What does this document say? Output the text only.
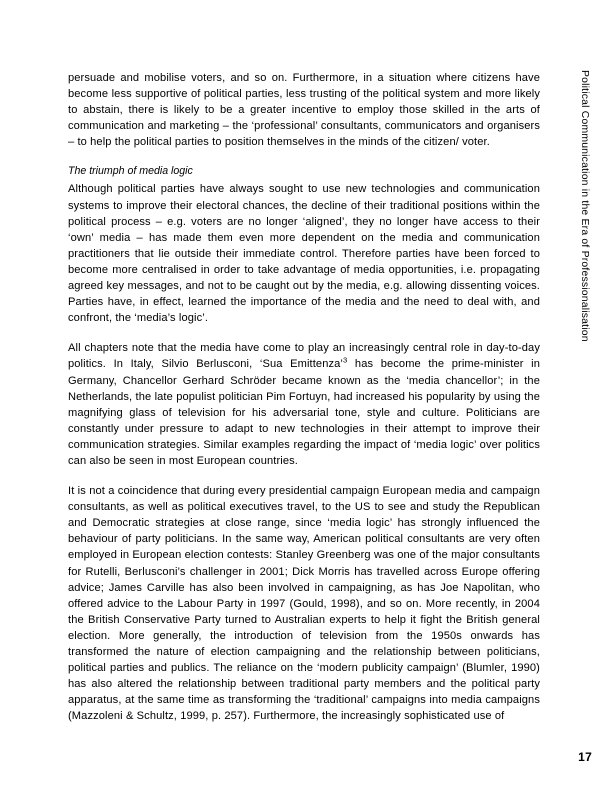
persuade and mobilise voters, and so on. Furthermore, in a situation where citizens have become less supportive of political parties, less trusting of the political system and more likely to abstain, there is likely to be a greater incentive to employ those skilled in the arts of communication and marketing – the ‘professional’ consultants, communicators and organisers – to help the political parties to position themselves in the minds of the citizen/ voter.

The triumph of media logic

Although political parties have always sought to use new technologies and communication systems to improve their electoral chances, the decline of their traditional positions within the political process – e.g. voters are no longer ‘aligned’, they no longer have access to their ‘own’ media – has made them even more dependent on the media and communication practitioners that lie outside their immediate control. Therefore parties have been forced to become more centralised in order to take advantage of media opportunities, i.e. propagating agreed key messages, and not to be caught out by the media, e.g. allowing dissenting voices. Parties have, in effect, learned the importance of the media and the need to deal with, and confront, the ‘media’s logic’.

All chapters note that the media have come to play an increasingly central role in day-to-day politics. In Italy, Silvio Berlusconi, ‘Sua Emittenza’$^3$ has become the prime-minister in Germany, Chancellor Gerhard Schröder became known as the ‘media chancellor’; in the Netherlands, the late populist politician Pim Fortuyn, had increased his popularity by using the magnifying glass of television for his adversarial tone, style and culture. Politicians are constantly under pressure to adapt to new technologies in their attempt to improve their communication strategies. Similar examples regarding the impact of ‘media logic’ over politics can also be seen in most European countries.

It is not a coincidence that during every presidential campaign European media and campaign consultants, as well as political executives travel, to the US to see and study the Republican and Democratic strategies at close range, since ‘media logic’ has strongly influenced the behaviour of party politicians. In the same way, American political consultants are very often employed in European election contests: Stanley Greenberg was one of the major consultants for Rutelli, Berlusconi’s challenger in 2001; Dick Morris has travelled across Europe offering advice; James Carville has also been involved in campaigning, as has Joe Napolitan, who offered advice to the Labour Party in 1997 (Gould, 1998), and so on. More recently, in 2004 the British Conservative Party turned to Australian experts to help it fight the British general election. More generally, the introduction of television from the 1950s onwards has transformed the nature of election campaigning and the relationship between politicians, political parties and publics. The reliance on the ‘modern publicity campaign’ (Blumler, 1990) has also altered the relationship between traditional party members and the political party apparatus, at the same time as transforming the ‘traditional’ campaigns into media campaigns (Mazzoleni & Schultz, 1999, p. 257). Furthermore, the increasingly sophisticated use of

Political Communication in the Era of Professionalisation
17
